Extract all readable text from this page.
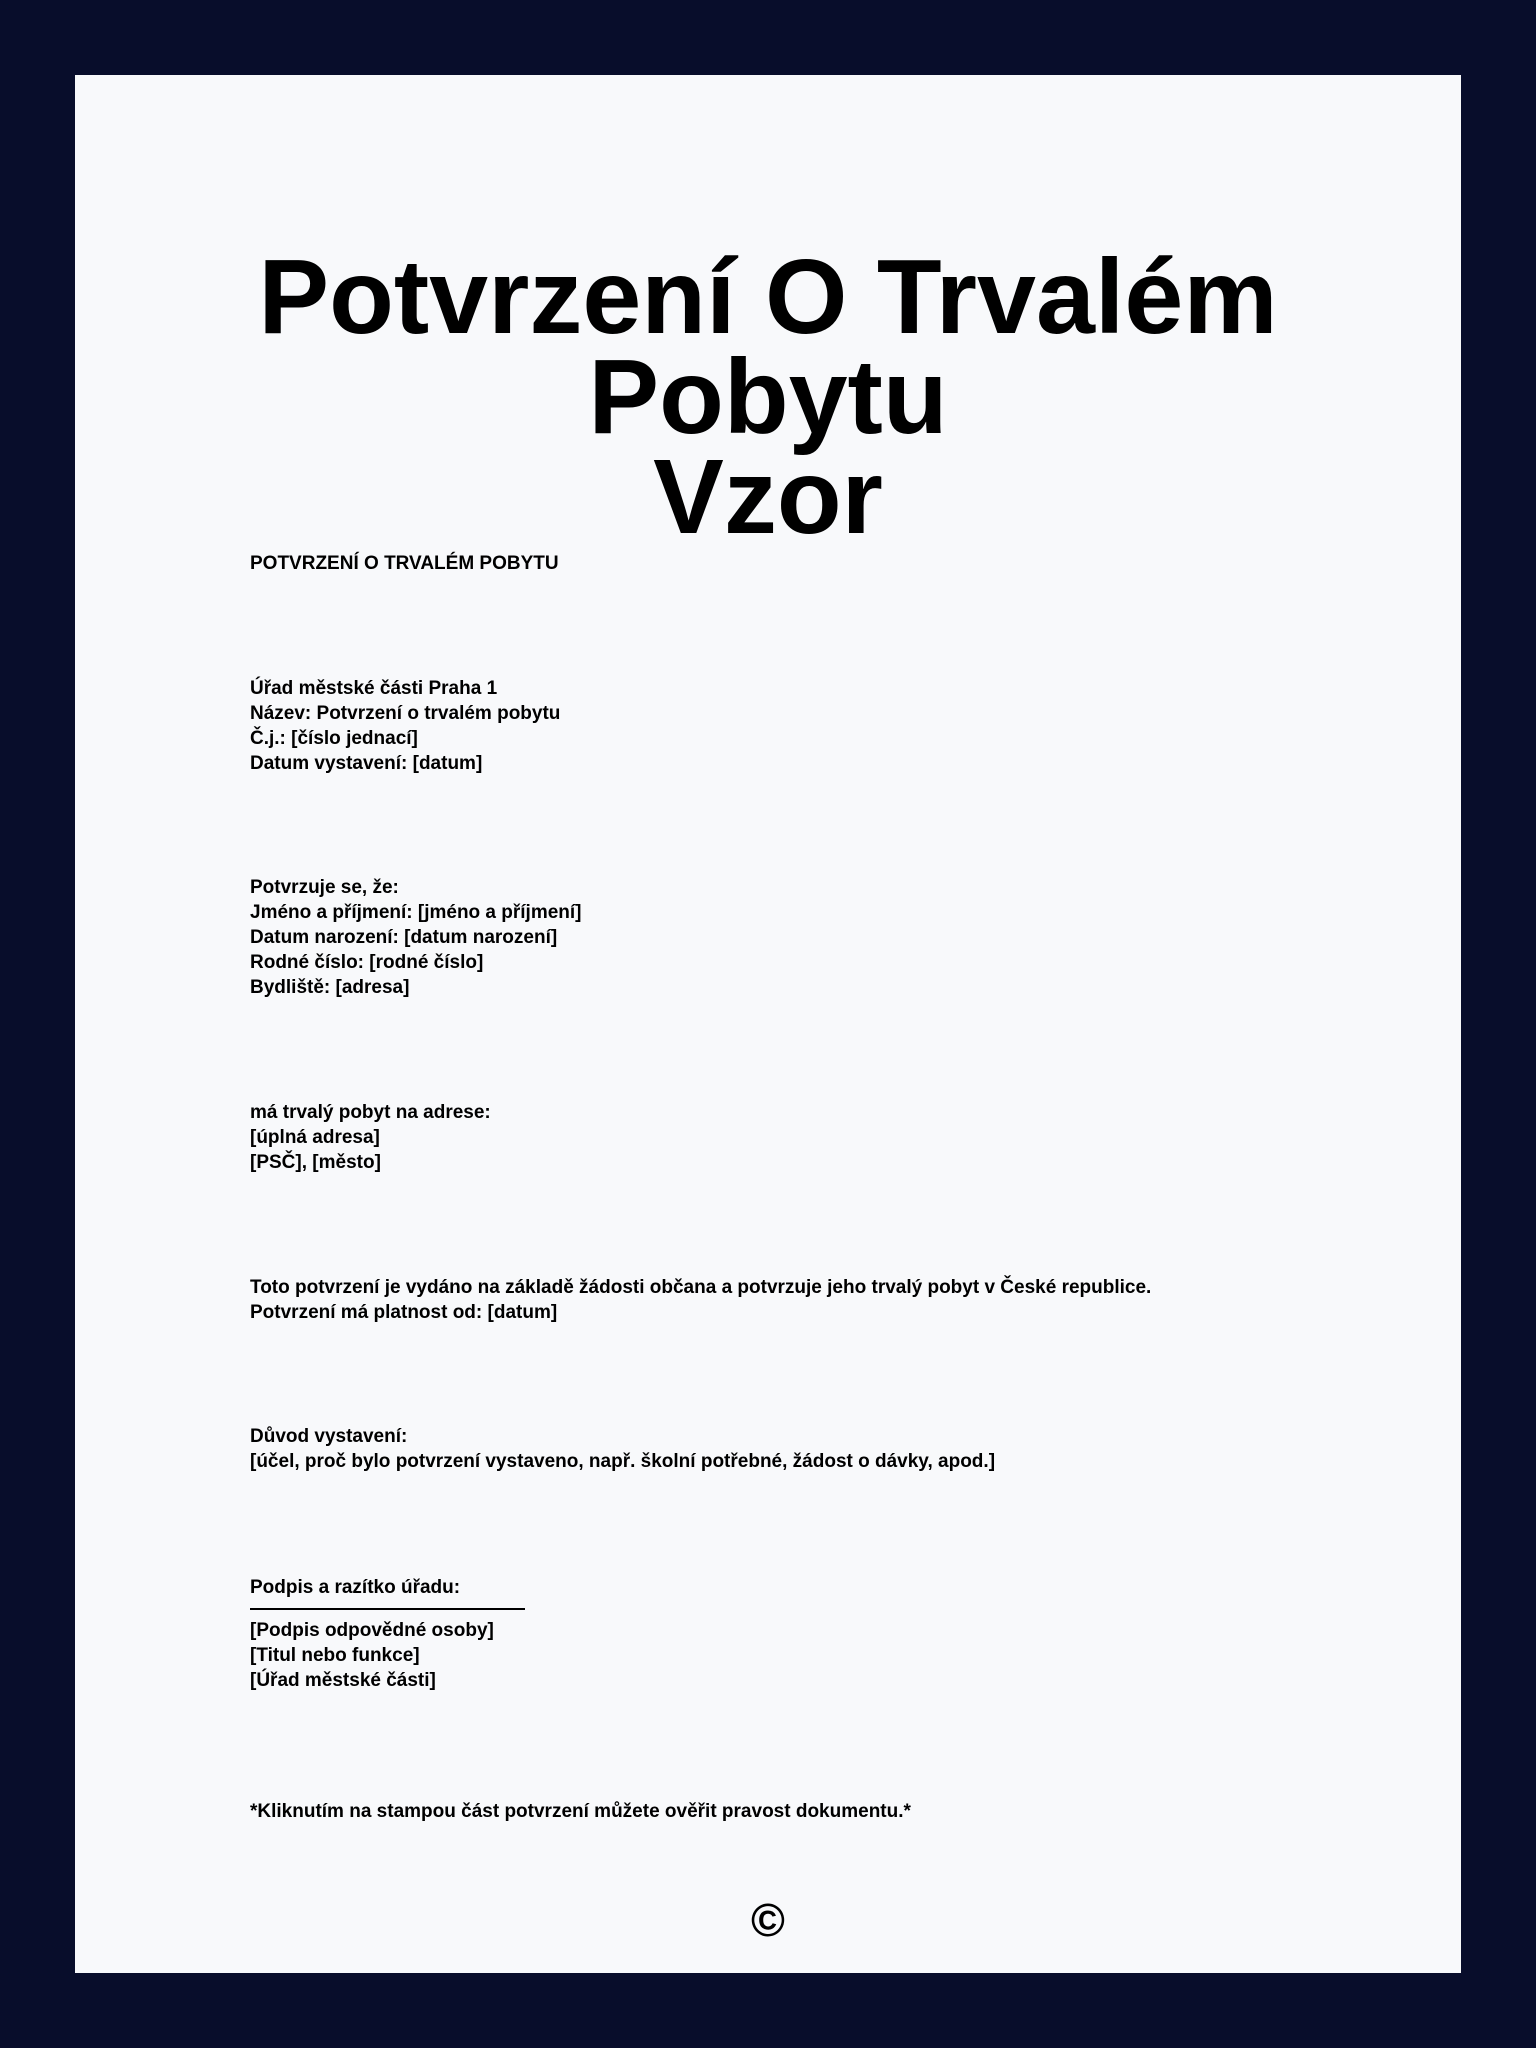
Potvrzení O Trvalém Pobytu
Vzor
POTVRZENÍ O TRVALÉM POBYTU
Úřad městské části Praha 1
Název: Potvrzení o trvalém pobytu
Č.j.: [číslo jednací]
Datum vystavení: [datum]
Potvrzuje se, že:
Jméno a příjmení: [jméno a příjmení]
Datum narození: [datum narození]
Rodné číslo: [rodné číslo]
Bydliště: [adresa]
má trvalý pobyt na adrese:
[úplná adresa]
[PSČ], [město]
Toto potvrzení je vydáno na základě žádosti občana a potvrzuje jeho trvalý pobyt v České republice.
Potvrzení má platnost od: [datum]
Důvod vystavení:
[účel, proč bylo potvrzení vystaveno, např. školní potřebné, žádost o dávky, apod.]
Podpis a razítko úřadu:
[Podpis odpovědné osoby]
[Titul nebo funkce]
[Úřad městské části]
*Kliknutím na stampou část potvrzení můžete ověřit pravost dokumentu.*
©
